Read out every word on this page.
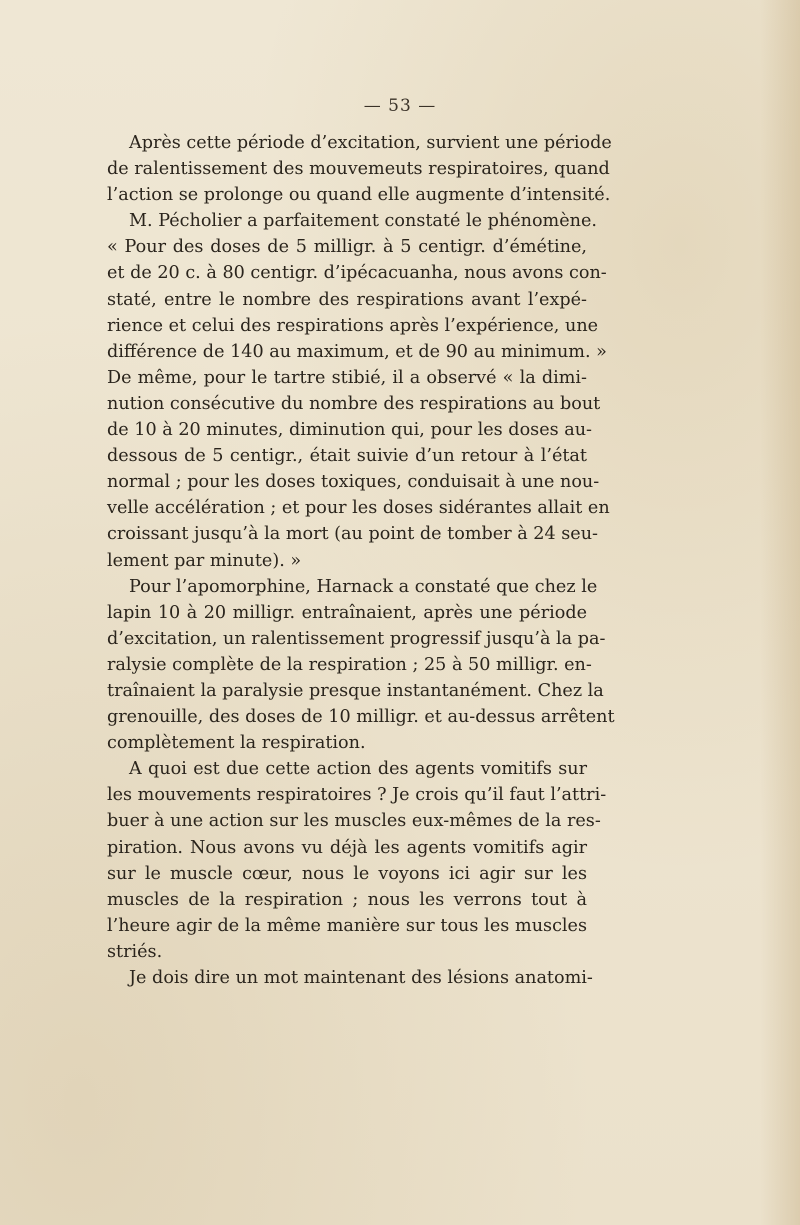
— 53 —
Après cette période d’excitation, survient une période
de ralentissement des mouvemeuts respiratoires, quand
l’action se prolonge ou quand elle augmente d’intensité.
M. Pécholier a parfaitement constaté le phénomène.
« Pour des doses de 5 milligr. à 5 centigr. d’émétine,
et de 20 c. à 80 centigr. d’ipécacuanha, nous avons con-
staté, entre le nombre des respirations avant l’expé-
rience et celui des respirations après l’expérience, une
différence de 140 au maximum, et de 90 au minimum. »
De même, pour le tartre stibié, il a observé « la dimi-
nution consécutive du nombre des respirations au bout
de 10 à 20 minutes, diminution qui, pour les doses au-
dessous de 5 centigr., était suivie d’un retour à l’état
normal ; pour les doses toxiques, conduisait à une nou-
velle accélération ; et pour les doses sidérantes allait en
croissant jusqu’à la mort (au point de tomber à 24 seu-
lement par minute). »
Pour l’apomorphine, Harnack a constaté que chez le
lapin 10 à 20 milligr. entraînaient, après une période
d’excitation, un ralentissement progressif jusqu’à la pa-
ralysie complète de la respiration ; 25 à 50 milligr. en-
traînaient la paralysie presque instantanément. Chez la
grenouille, des doses de 10 milligr. et au-dessus arrêtent
complètement la respiration.
A quoi est due cette action des agents vomitifs sur
les mouvements respiratoires ? Je crois qu’il faut l’attri-
buer à une action sur les muscles eux-mêmes de la res-
piration. Nous avons vu déjà les agents vomitifs agir
sur le muscle cœur, nous le voyons ici agir sur les
muscles de la respiration ; nous les verrons tout à
l’heure agir de la même manière sur tous les muscles
striés.
Je dois dire un mot maintenant des lésions anatomi-
